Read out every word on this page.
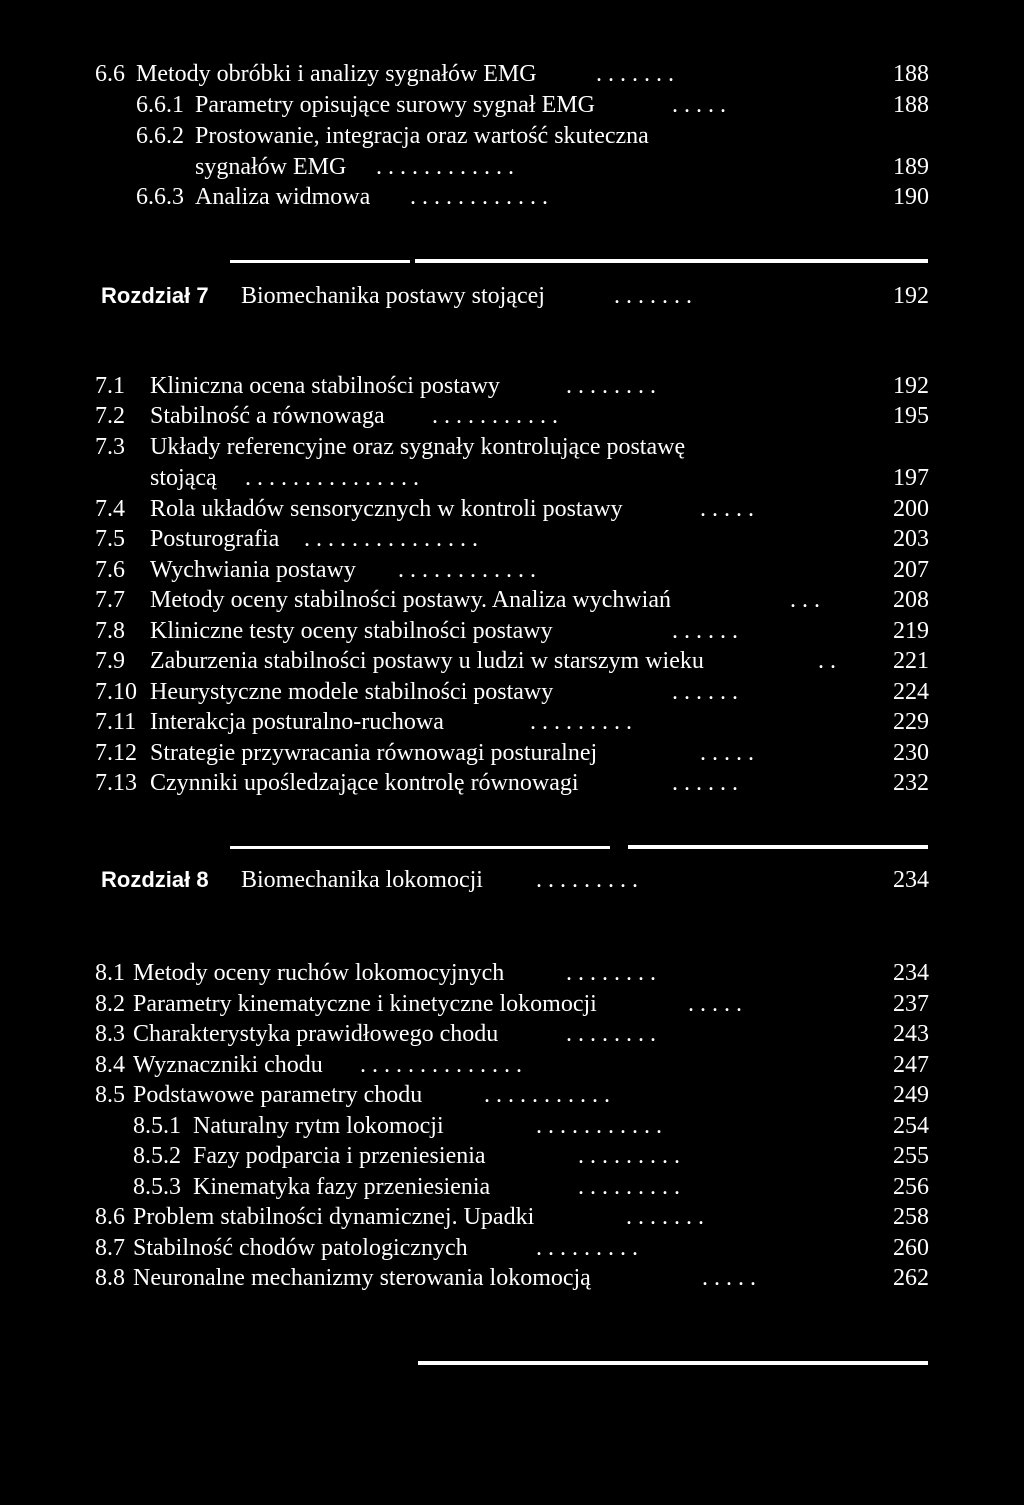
6.6 Metody obróbki i analizy sygnałów EMG . . . . . . .	188
6.6.1 Parametry opisujące surowy sygnał EMG	. . . . .	188
6.6.2 Prostowanie, integracja oraz wartość skuteczna
sygnałów EMG . . . . . . . . . . . .	189
6.6.3 Analiza widmowa . . . . . . . . . . . .	190
Rozdział 7 Biomechanika postawy stojącej	. . . . . . .	192
7.1 Kliniczna ocena stabilności postawy	. . . . . . . .	192
7.2 Stabilność a równowaga . . . . . . . . . . .	195
7.3 Układy referencyjne oraz sygnały kontrolujące postawę
stojącą . . . . . . . . . . . . . . .	197
7.4 Rola układów sensorycznych w kontroli postawy	. . . . .	200
7.5 Posturografia . . . . . . . . . . . . . . .	203
7.6 Wychwiania postawy . . . . . . . . . . . .	207
7.7 Metody oceny stabilności postawy. Analiza wychwiań	. . .	208
7.8 Kliniczne testy oceny stabilności postawy	. . . . . .	219
7.9 Zaburzenia stabilności postawy u ludzi w starszym wieku	. . 221
7.10 Heurystyczne modele stabilności postawy	. . . . . .	224
7.11 Interakcja posturalno-ruchowa	. . . . . . . . .	229
7.12 Strategie przywracania równowagi posturalnej	. . . . .	230
7.13 Czynniki upośledzające kontrolę równowagi	. . . . . .	232
Rozdział 8 Biomechanika lokomocji . . . . . . . . .	234
8.1 Metody oceny ruchów lokomocyjnych	. . . . . . . .	234
8.2 Parametry kinematyczne i kinetyczne lokomocji	. . . . .	237
8.3 Charakterystyka prawidłowego chodu	. . . . . . . .	243
8.4 Wyznaczniki chodu . . . . . . . . . . . . . .	247
8.5 Podstawowe parametry chodu	. . . . . . . . . . .	249
8.5.1 Naturalny rytm lokomocji	. . . . . . . . . . .	254
8.5.2 Fazy podparcia i przeniesienia	. . . . . . . . .	255
8.5.3 Kinematyka fazy przeniesienia	. . . . . . . . .	256
8.6 Problem stabilności dynamicznej. Upadki	. . . . . . .	258
8.7 Stabilność chodów patologicznych	. . . . . . . . .	260
8.8 Neuronalne mechanizmy sterowania lokomocją	. . . . .	262
